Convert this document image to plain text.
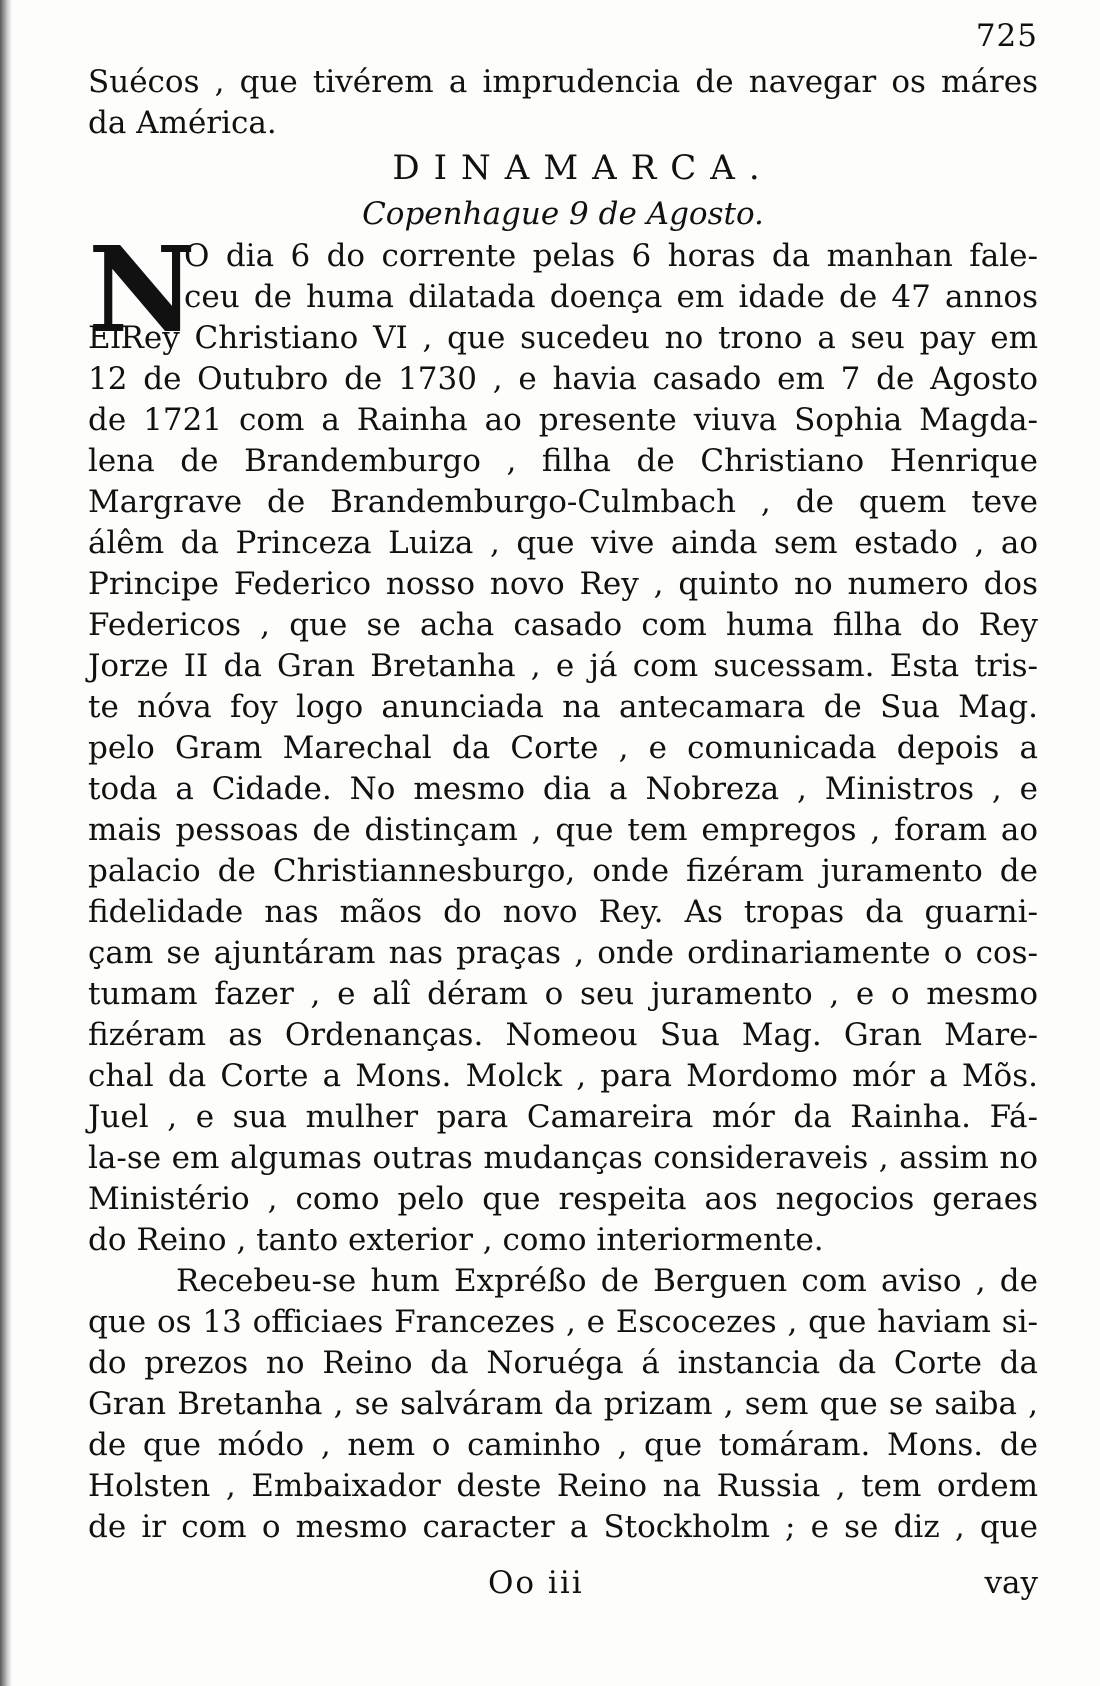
725
Suécos , que tivérem a imprudencia de navegar os máres
da América.
DINAMARCA.
Copenhague 9 de Agosto.
N
O dia 6 do corrente pelas 6 horas da manhan fale-
ceu de huma dilatada doença em idade de 47 annos
ElRey Christiano VI , que sucedeu no trono a seu pay em
12 de Outubro de 1730 , e havia casado em 7 de Agosto
de 1721 com a Rainha ao presente viuva Sophia Magda-
lena de Brandemburgo , filha de Christiano Henrique
Margrave de Brandemburgo-Culmbach , de quem teve
álêm da Princeza Luiza , que vive ainda sem estado , ao
Principe Federico nosso novo Rey , quinto no numero dos
Federicos , que se acha casado com huma filha do Rey
Jorze II da Gran Bretanha , e já com sucessam. Esta tris-
te nóva foy logo anunciada na antecamara de Sua Mag.
pelo Gram Marechal da Corte , e comunicada depois a
toda a Cidade. No mesmo dia a Nobreza , Ministros , e
mais pessoas de distinçam , que tem empregos , foram ao
palacio de Christiannesburgo, onde fizéram juramento de
fidelidade nas mãos do novo Rey. As tropas da guarni-
çam se ajuntáram nas praças , onde ordinariamente o cos-
tumam fazer , e alî déram o seu juramento , e o mesmo
fizéram as Ordenanças. Nomeou Sua Mag. Gran Mare-
chal da Corte a Mons. Molck , para Mordomo mór a Mõs.
Juel , e sua mulher para Camareira mór da Rainha. Fá-
la-se em algumas outras mudanças consideraveis , assim no
Ministério , como pelo que respeita aos negocios geraes
do Reino , tanto exterior , como interiormente.
Recebeu-se hum Expréßo de Berguen com aviso , de
que os 13 officiaes Francezes , e Escocezes , que haviam si-
do prezos no Reino da Noruéga á instancia da Corte da
Gran Bretanha , se salváram da prizam , sem que se saiba ,
de que módo , nem o caminho , que tomáram. Mons. de
Holsten , Embaixador deste Reino na Russia , tem ordem
de ir com o mesmo caracter a Stockholm ; e se diz , que
Oo iii	vay
